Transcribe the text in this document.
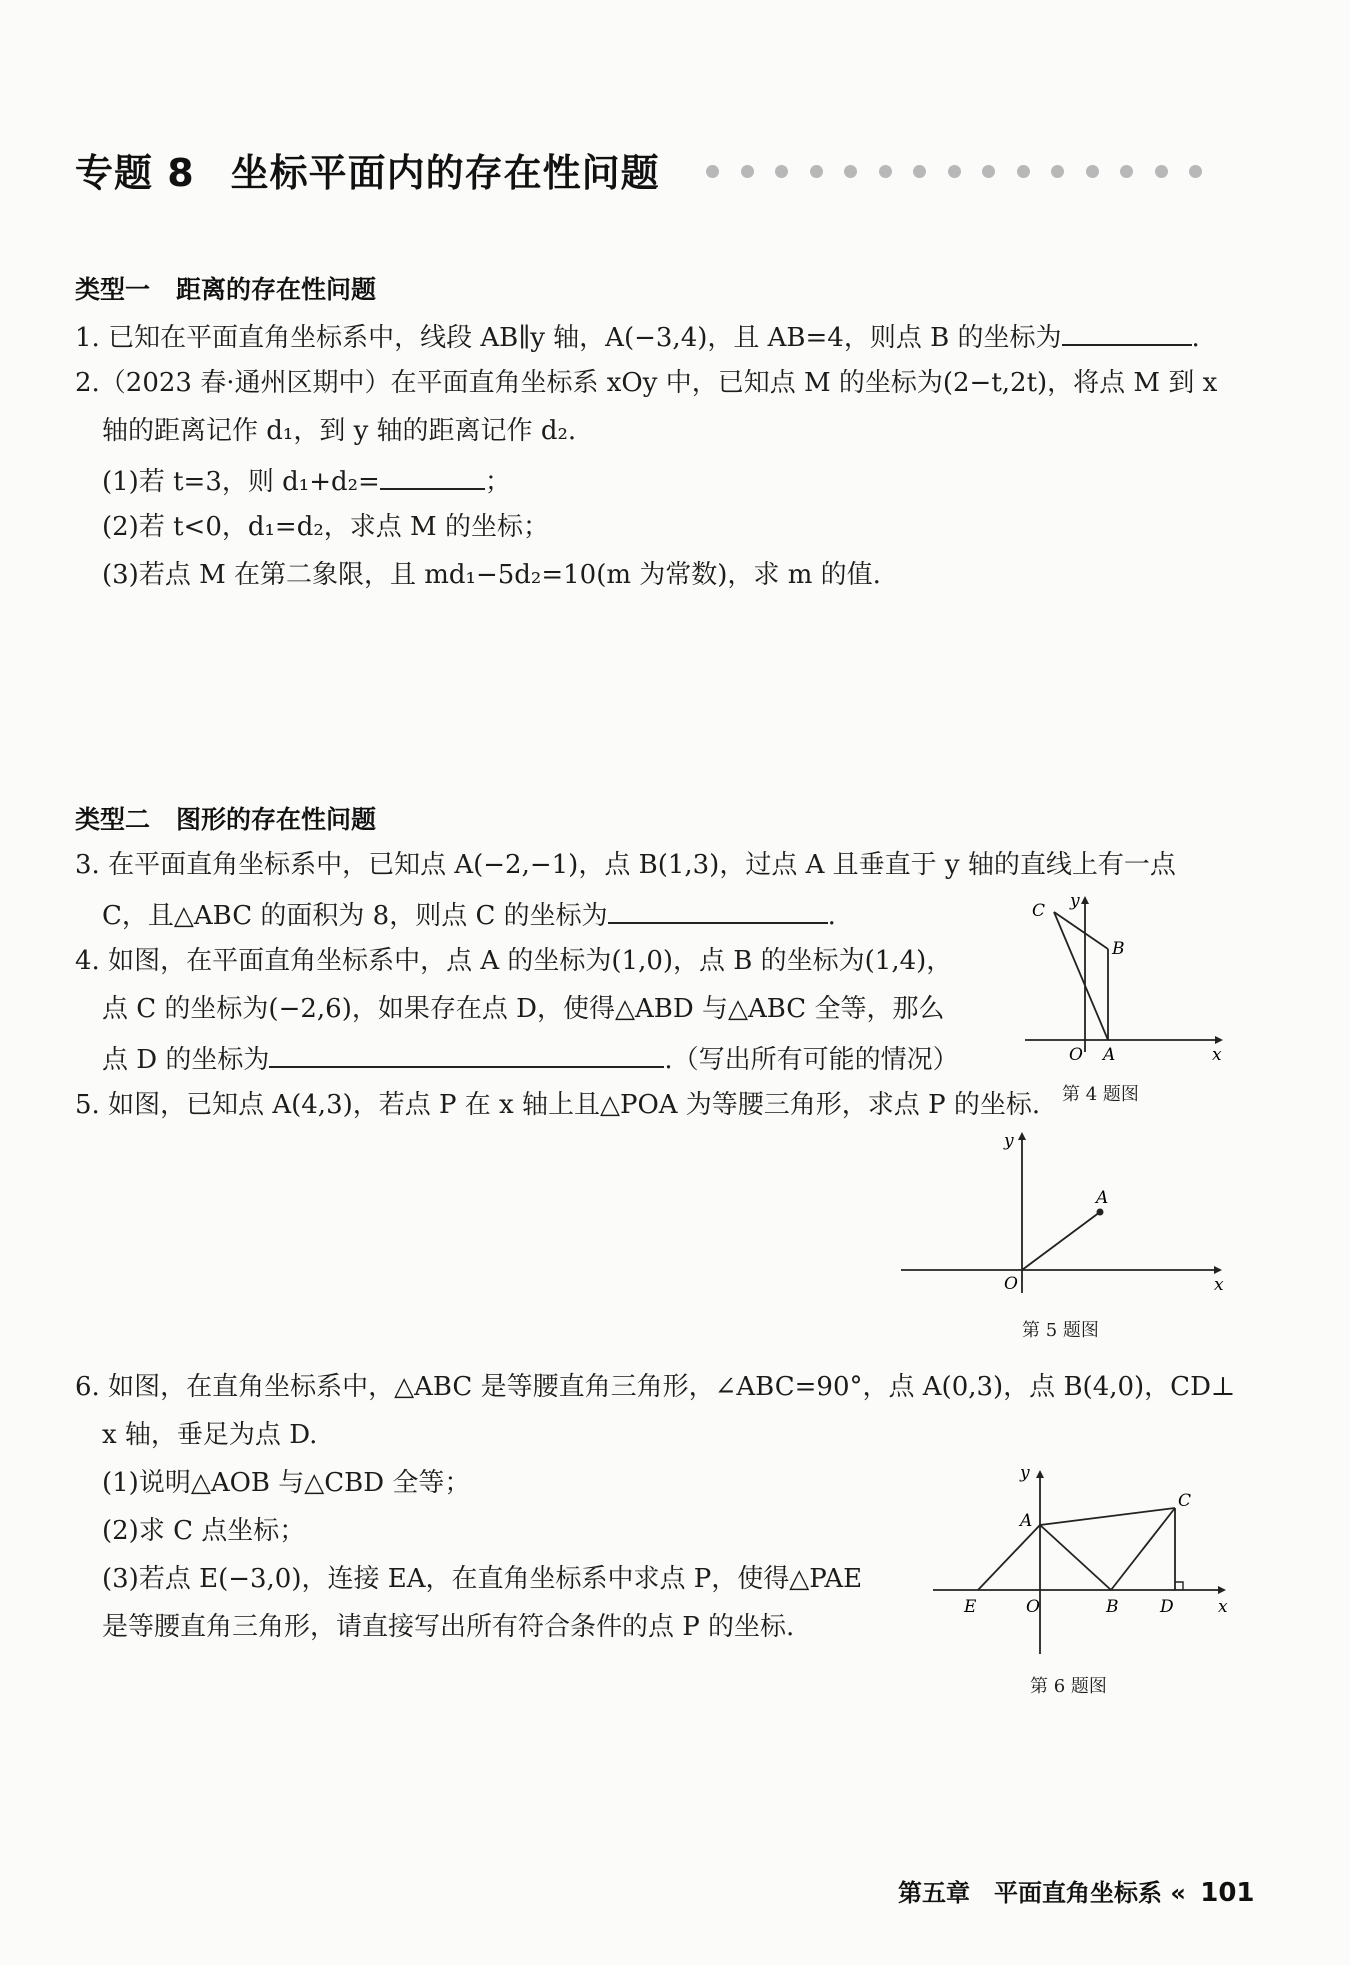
专题 8 坐标平面内的存在性问题
类型一 距离的存在性问题
1. 已知在平面直角坐标系中，线段 AB∥y 轴，A(−3,4)，且 AB=4，则点 B 的坐标为	.
2.（2023 春·通州区期中）在平面直角坐标系 xOy 中，已知点 M 的坐标为(2−t,2t)，将点 M 到 x
轴的距离记作 d₁，到 y 轴的距离记作 d₂.
(1)若 t=3，则 d₁+d₂=	；
(2)若 t<0，d₁=d₂，求点 M 的坐标；
(3)若点 M 在第二象限，且 md₁−5d₂=10(m 为常数)，求 m 的值.
类型二 图形的存在性问题
3. 在平面直角坐标系中，已知点 A(−2,−1)，点 B(1,3)，过点 A 且垂直于 y 轴的直线上有一点
C，且△ABC 的面积为 8，则点 C 的坐标为	.
4. 如图，在平面直角坐标系中，点 A 的坐标为(1,0)，点 B 的坐标为(1,4)，
点 C 的坐标为(−2,6)，如果存在点 D，使得△ABD 与△ABC 全等，那么
点 D 的坐标为	.（写出所有可能的情况）
5. 如图，已知点 A(4,3)，若点 P 在 x 轴上且△POA 为等腰三角形，求点 P 的坐标. 第 4 题图
C y
B
O A	x
y
A
O	x
第 5 题图
6. 如图，在直角坐标系中，△ABC 是等腰直角三角形，∠ABC=90°，点 A(0,3)，点 B(4,0)，CD⊥
x 轴，垂足为点 D.
(1)说明△AOB 与△CBD 全等；
(2)求 C 点坐标；
(3)若点 E(−3,0)，连接 EA，在直角坐标系中求点 P，使得△PAE
是等腰直角三角形，请直接写出所有符合条件的点 P 的坐标.
y
A
C
E	O	B D	x
第 6 题图
第五章　平面直角坐标系 « 101
